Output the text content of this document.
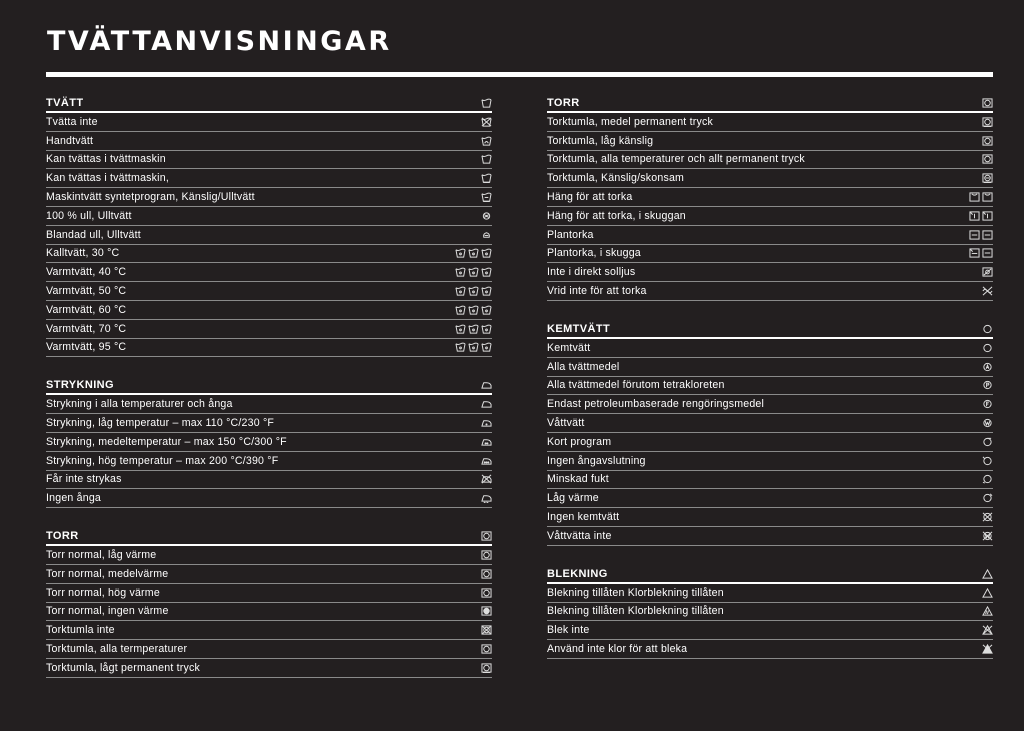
TVÄTTANVISNINGAR
TVÄTT
Tvätta inte
Handtvätt
Kan tvättas i tvättmaskin
Kan tvättas i tvättmaskin,
Maskintvätt syntetprogram, Känslig/Ulltvätt
100 % ull, Ulltvätt
Blandad ull, Ulltvätt
Kalltvätt, 30 °C
Varmtvätt, 40 °C
Varmtvätt, 50 °C
Varmtvätt, 60 °C
Varmtvätt, 70 °C
Varmtvätt, 95 °C
STRYKNING
Strykning i alla temperaturer och ånga
Strykning, låg temperatur – max 110 °C/230 °F
Strykning, medeltemperatur – max 150 °C/300 °F
Strykning, hög temperatur – max 200 °C/390 °F
Får inte strykas
Ingen ånga
TORR
Torr normal, låg värme
Torr normal, medelvärme
Torr normal, hög värme
Torr normal, ingen värme
Torktumla inte
Torktumla, alla termperaturer
Torktumla, lågt permanent tryck
TORR
Torktumla, medel permanent tryck
Torktumla, låg känslig
Torktumla, alla temperaturer och allt permanent tryck
Torktumla, Känslig/skonsam
Häng för att torka
Häng för att torka, i skuggan
Plantorka
Plantorka, i skugga
Inte i direkt solljus
Vrid inte för att torka
KEMTVÄTT
Kemtvätt
Alla tvättmedel
Alla tvättmedel förutom tetrakloreten
Endast petroleumbaserade rengöringsmedel
Våttvätt
Kort program
Ingen ångavslutning
Minskad fukt
Låg värme
Ingen kemtvätt
Våttvätta inte
BLEKNING
Blekning tillåten Klorblekning tillåten
Blekning tillåten Klorblekning tillåten
Blek inte
Använd inte klor för att bleka
